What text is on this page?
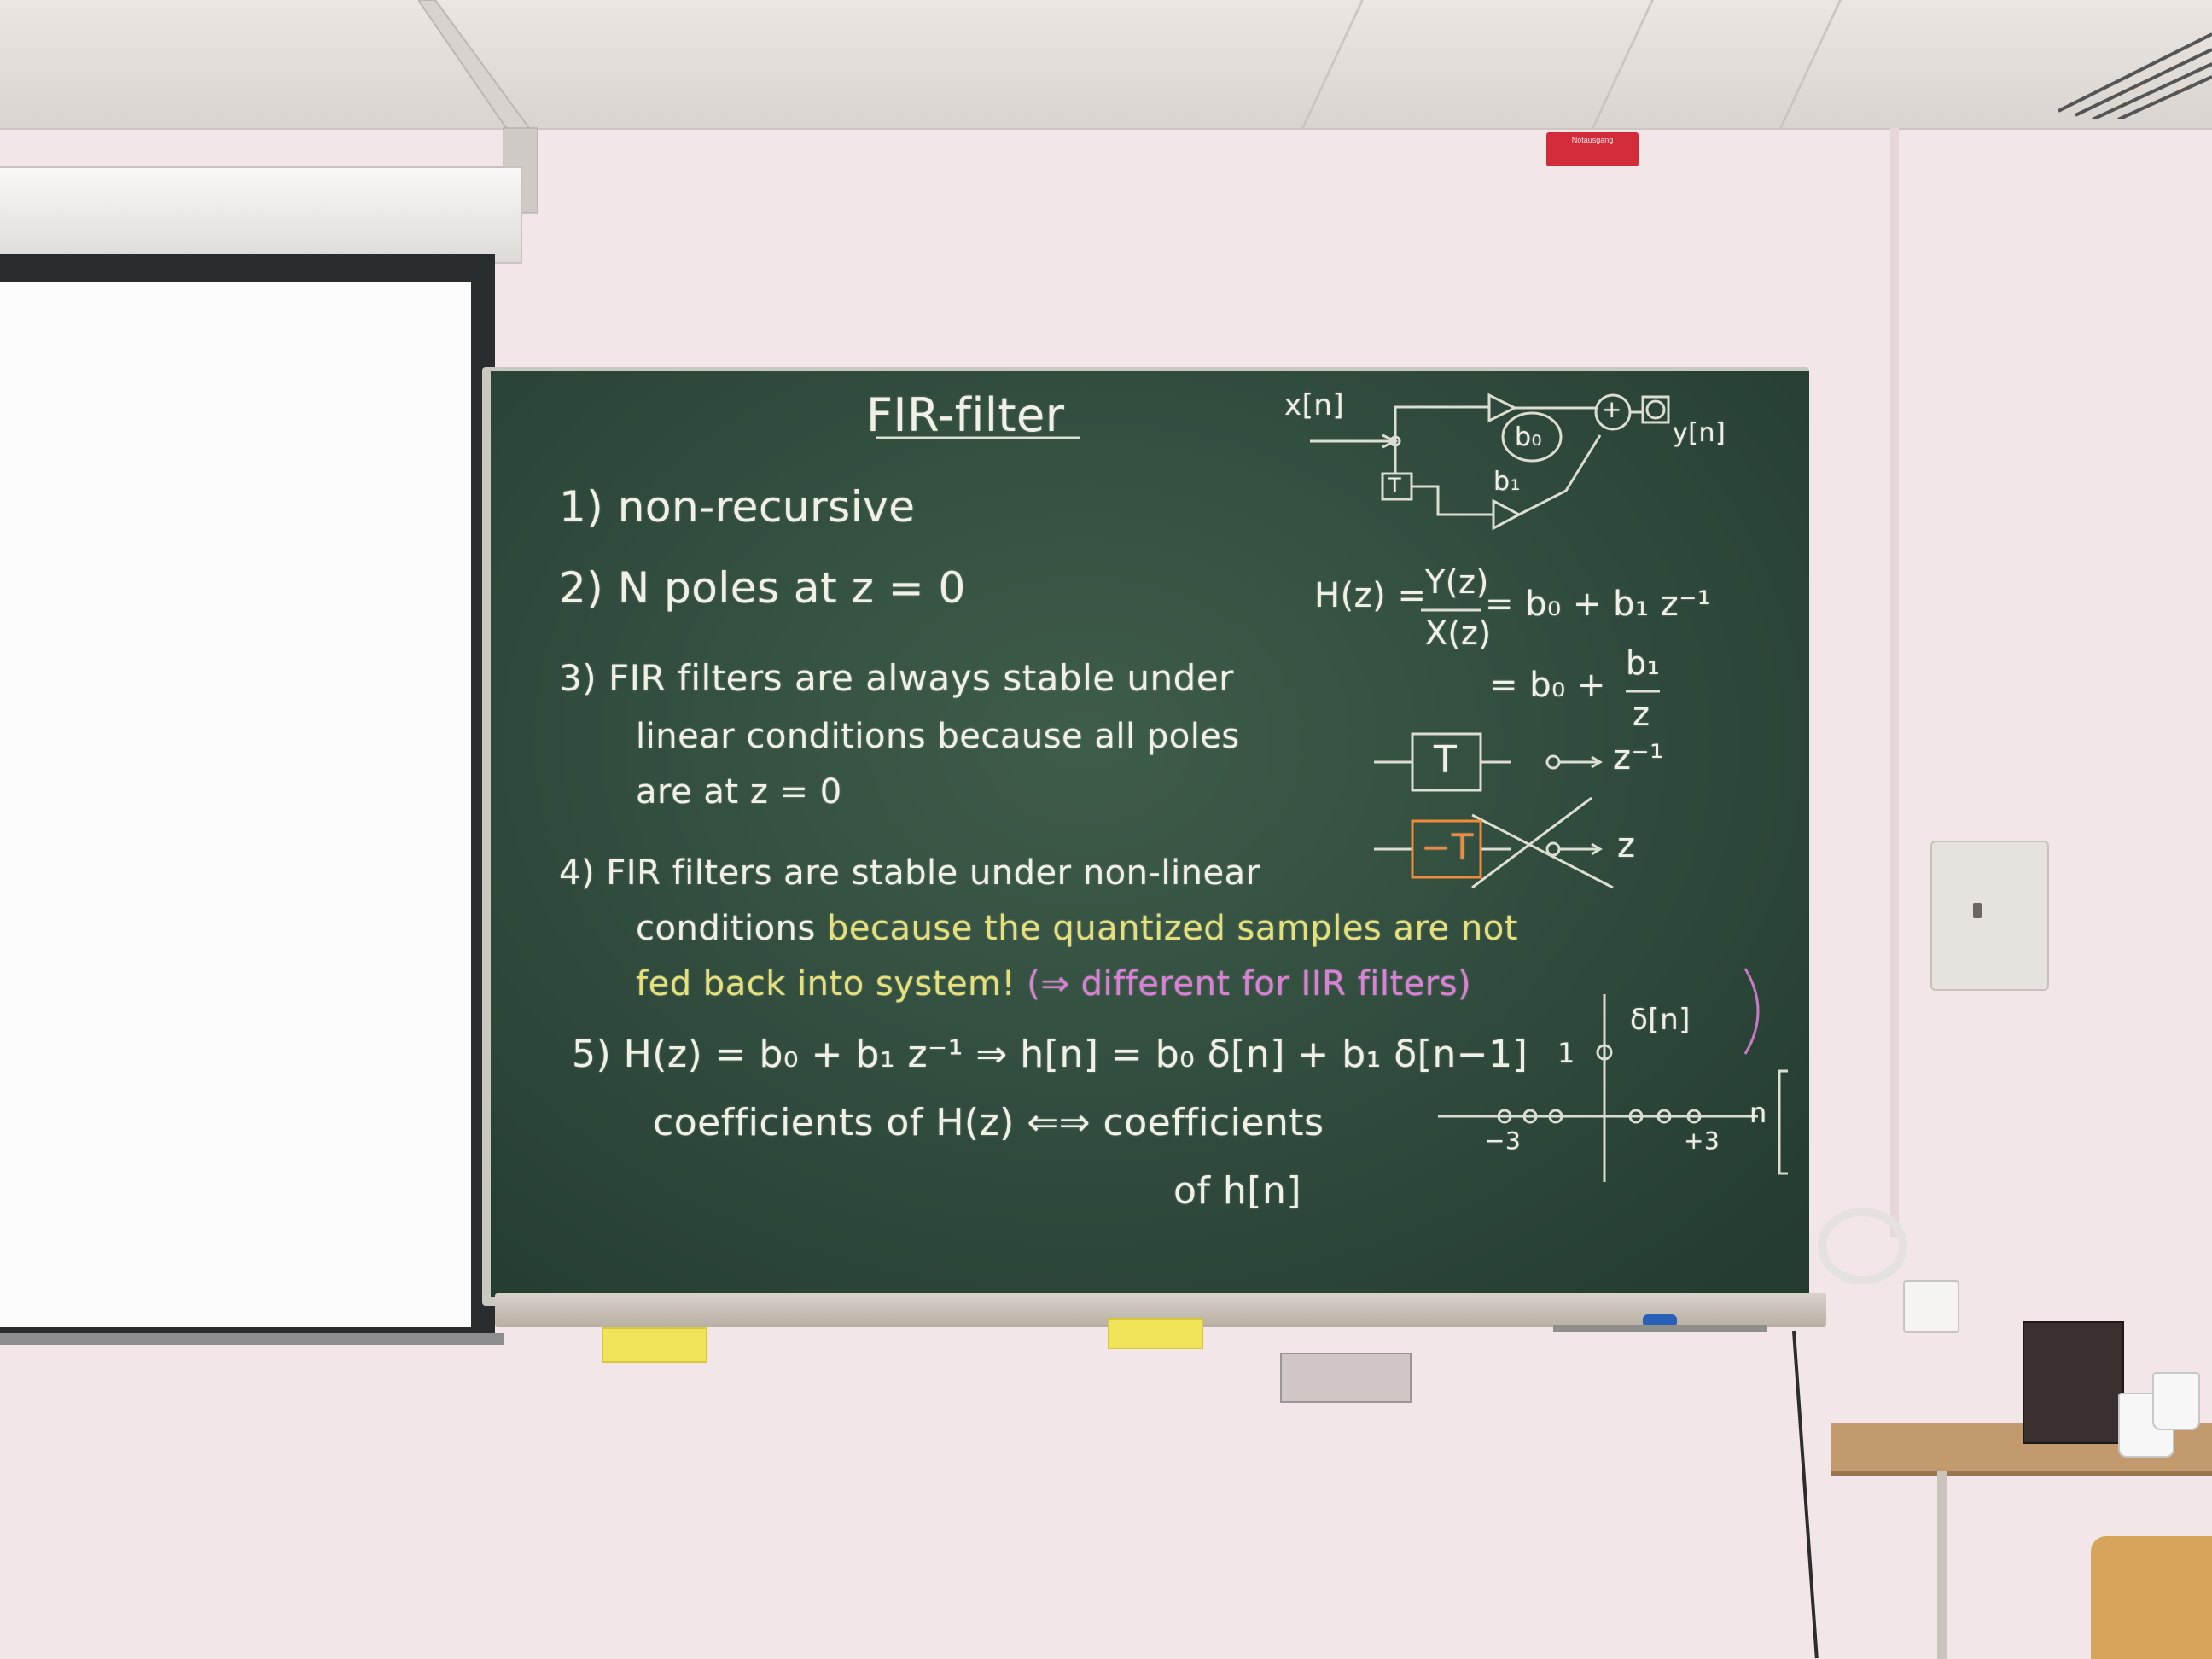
Notausgang
FIR-filter
1) non-recursive
2) N poles at z = 0
3) FIR filters are always stable under
linear conditions because all poles
are at z = 0
4) FIR filters are stable under non-linear
conditions because the quantized samples are not
fed back into system! (⇒ different for IIR filters)
5) H(z) = b₀ + b₁ z⁻¹ ⇒ h[n] = b₀ δ[n] + b₁ δ[n−1]
coefficients of H(z) ⇐⇒ coefficients
of h[n]
x[n]
y[n]
T
b₀
b₁
+
H(z) =
Y(z)
X(z)
= b₀ + b₁ z⁻¹
= b₀ +
b₁
z
T	z⁻¹
−T	z
δ[n]
1
n
−3	+3
